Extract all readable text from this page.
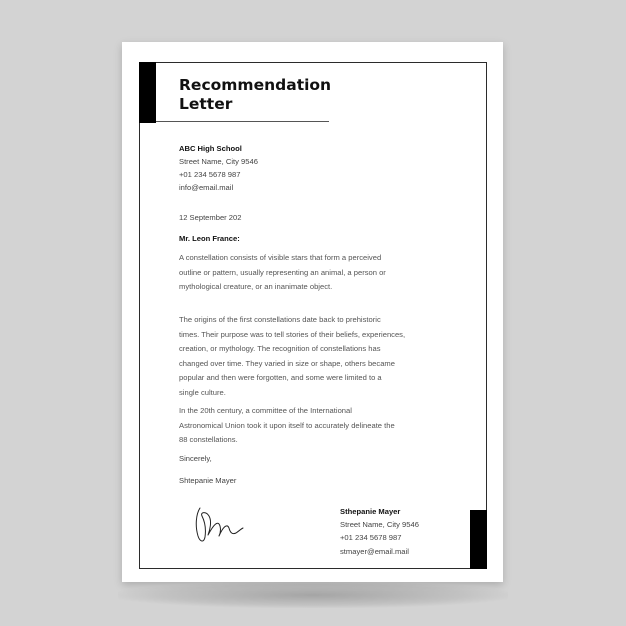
Recommendation
Letter
ABC High School
Street Name, City 9546
+01 234 5678 987
info@email.mail
12 September 202
Mr. Leon France:
A constellation consists of visible stars that form a perceived
outline or pattern, usually representing an animal, a person or
mythological creature, or an inanimate object.
The origins of the first constellations date back to prehistoric
times. Their purpose was to tell stories of their beliefs, experiences,
creation, or mythology. The recognition of constellations has
changed over time. They varied in size or shape, others became
popular and then were forgotten, and some were limited to a
single culture.
In the 20th century, a committee of the International
Astronomical Union took it upon itself to accurately delineate the
88 constellations.
Sincerely,
Shtepanie Mayer
Sthepanie Mayer
Street Name, City 9546
+01 234 5678 987
stmayer@email.mail
